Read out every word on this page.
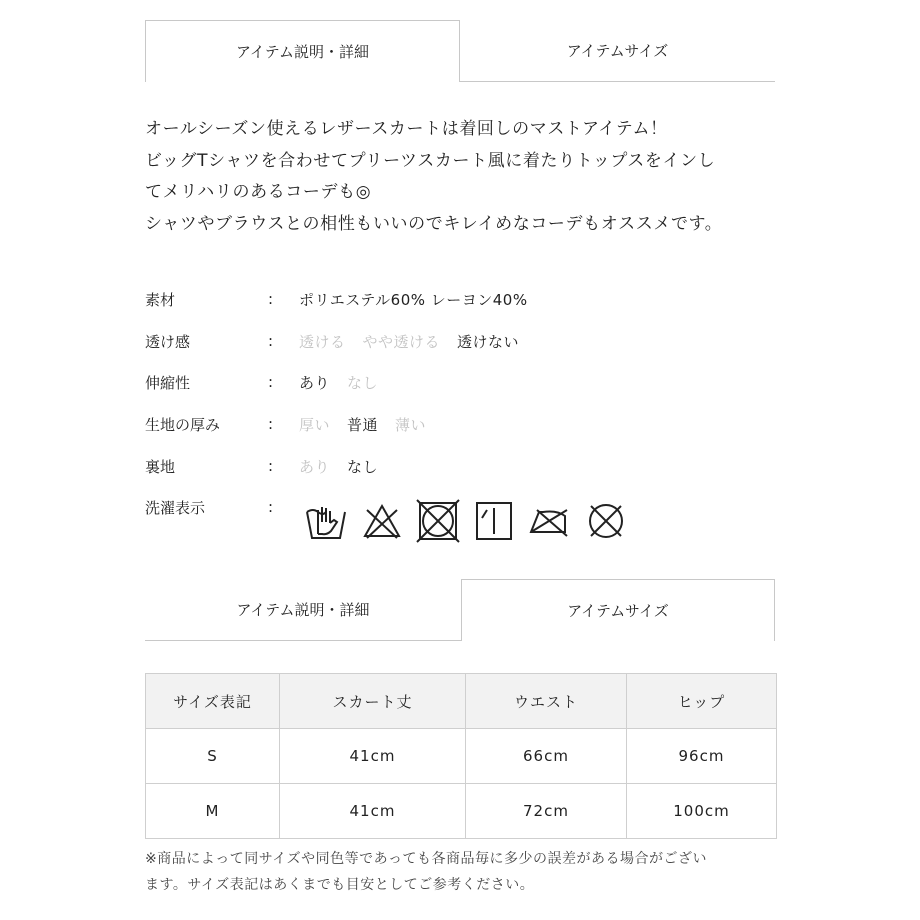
アイテム説明・詳細	アイテムサイズ

オールシーズン使えるレザースカートは着回しのマストアイテム！

ビッグTシャツを合わせてプリーツスカート風に着たりトップスをインし

てメリハリのあるコーデも◎

シャツやブラウスとの相性もいいのでキレイめなコーデもオススメです。

素材	: ポリエステル60% レーヨン40%
透け感	: 透ける やや透ける 透けない
伸縮性	: あり なし
生地の厚み	: 厚い 普通 薄い
裏地	: あり なし
洗濯表示	:
アイテム説明・詳細	アイテムサイズ
サイズ表記	スカート丈	ウエスト	ヒップ
S	41cm	66cm	96cm
M	41cm	72cm	100cm

※商品によって同サイズや同色等であっても各商品毎に多少の誤差がある場合がござい

ます。サイズ表記はあくまでも目安としてご参考ください。
